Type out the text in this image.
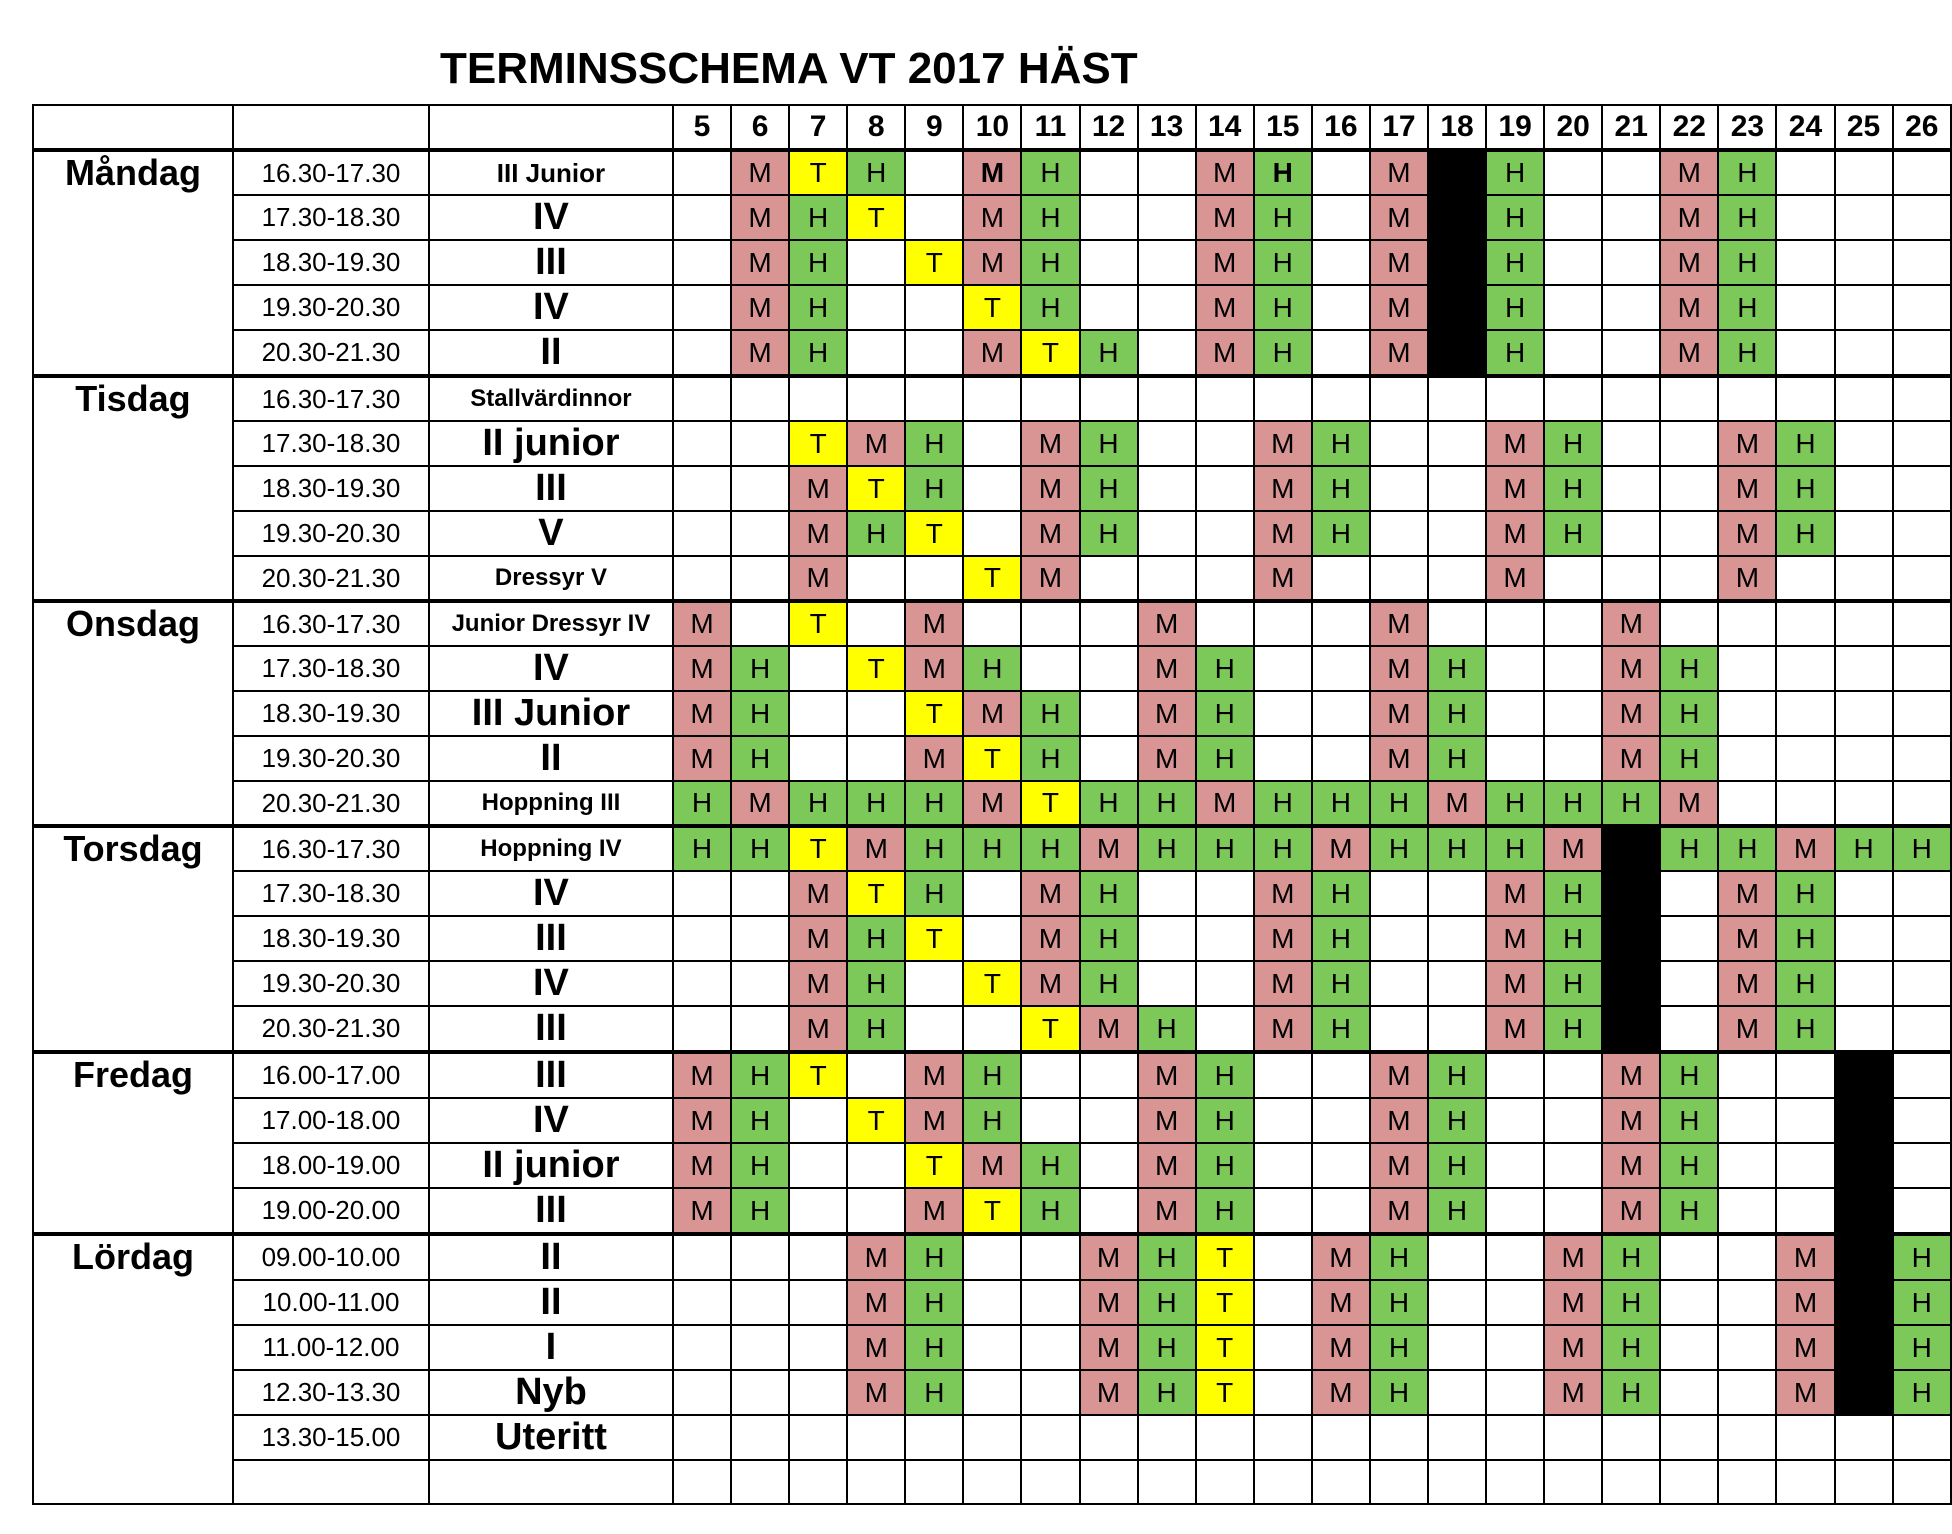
TERMINSSCHEMA VT 2017 HÄST
			5	6	7	8	9	10	11	12	13	14	15	16	17	18	19	20	21	22	23	24	25	26
Måndag	16.30-17.30	III Junior		M	T	H		M	H			M	H		M		H			M	H			
	17.30-18.30	IV		M	H	T		M	H			M	H		M		H			M	H			
	18.30-19.30	III		M	H		T	M	H			M	H		M		H			M	H			
	19.30-20.30	IV		M	H			T	H			M	H		M		H			M	H			
	20.30-21.30	II		M	H			M	T	H		M	H		M		H			M	H			
Tisdag	16.30-17.30	Stallvärdinnor																						
	17.30-18.30	II junior			T	M	H		M	H			M	H			M	H			M	H		
	18.30-19.30	III			M	T	H		M	H			M	H			M	H			M	H		
	19.30-20.30	V			M	H	T		M	H			M	H			M	H			M	H		
	20.30-21.30	Dressyr V			M			T	M				M				M				M			
Onsdag	16.30-17.30	Junior Dressyr IV	M		T		M				M				M				M					
	17.30-18.30	IV	M	H		T	M	H			M	H			M	H			M	H				
	18.30-19.30	III Junior	M	H			T	M	H		M	H			M	H			M	H				
	19.30-20.30	II	M	H			M	T	H		M	H			M	H			M	H				
	20.30-21.30	Hoppning III	H	M	H	H	H	M	T	H	H	M	H	H	H	M	H	H	H	M				
Torsdag	16.30-17.30	Hoppning IV	H	H	T	M	H	H	H	M	H	H	H	M	H	H	H	M		H	H	M	H	H
	17.30-18.30	IV			M	T	H		M	H			M	H			M	H			M	H		
	18.30-19.30	III			M	H	T		M	H			M	H			M	H			M	H		
	19.30-20.30	IV			M	H		T	M	H			M	H			M	H			M	H		
	20.30-21.30	III			M	H			T	M	H		M	H			M	H			M	H		
Fredag	16.00-17.00	III	M	H	T		M	H			M	H			M	H			M	H				
	17.00-18.00	IV	M	H		T	M	H			M	H			M	H			M	H				
	18.00-19.00	II junior	M	H			T	M	H		M	H			M	H			M	H				
	19.00-20.00	III	M	H			M	T	H		M	H			M	H			M	H				
Lördag	09.00-10.00	II				M	H			M	H	T		M	H			M	H			M		H
	10.00-11.00	II				M	H			M	H	T		M	H			M	H			M		H
	11.00-12.00	I				M	H			M	H	T		M	H			M	H			M		H
	12.30-13.30	Nyb				M	H			M	H	T		M	H			M	H			M		H
	13.30-15.00	Uteritt																						
